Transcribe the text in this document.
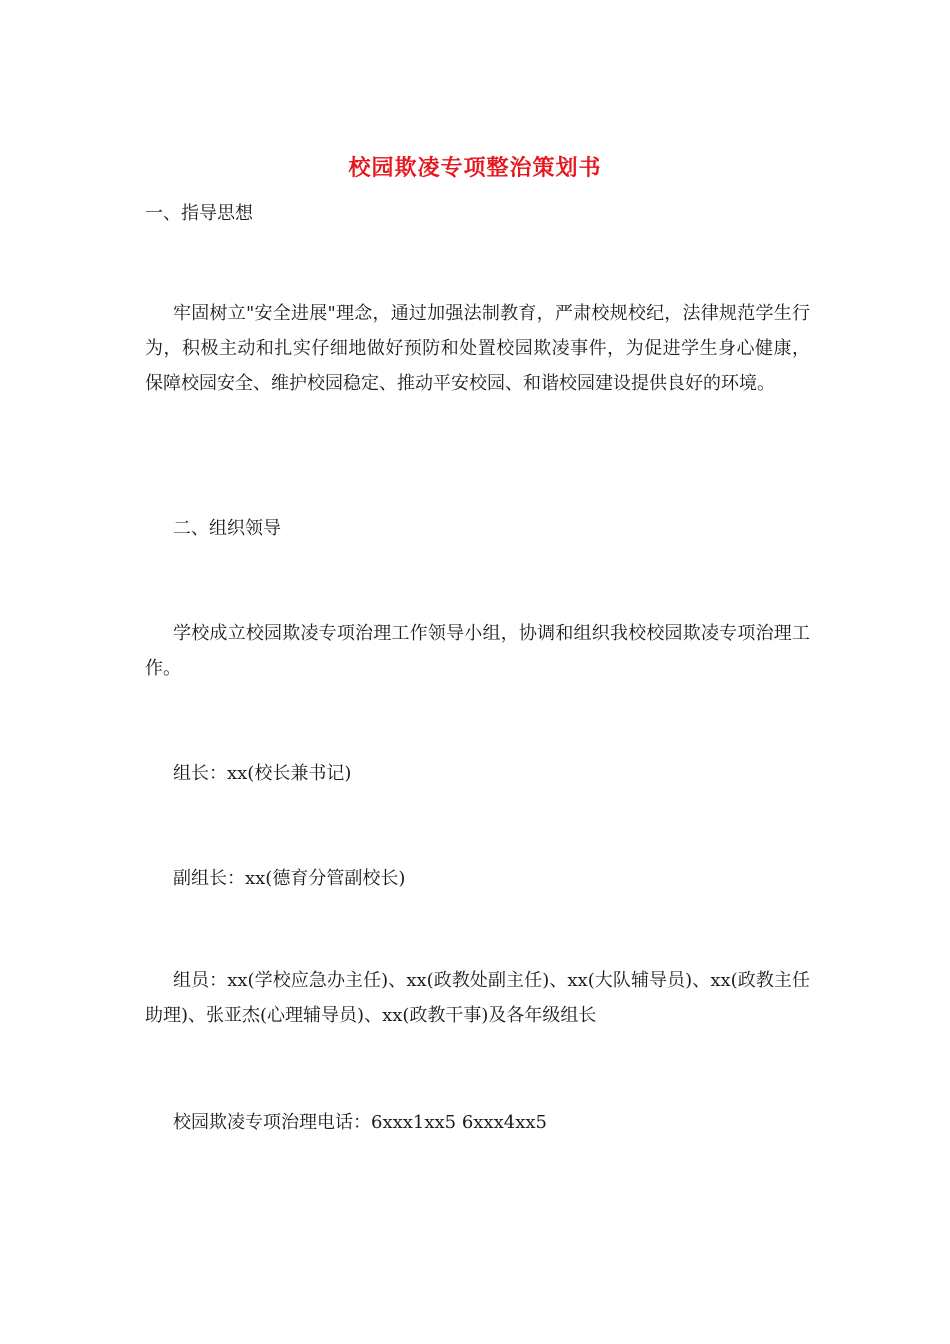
校园欺凌专项整治策划书
一、指导思想
牢固树立"安全进展"理念，通过加强法制教育，严肃校规校纪，法律规范学生行为，积极主动和扎实仔细地做好预防和处置校园欺凌事件，为促进学生身心健康，保障校园安全、维护校园稳定、推动平安校园、和谐校园建设提供良好的环境。
二、组织领导
学校成立校园欺凌专项治理工作领导小组，协调和组织我校校园欺凌专项治理工作。
组长：xx(校长兼书记)
副组长：xx(德育分管副校长)
组员：xx(学校应急办主任)、xx(政教处副主任)、xx(大队辅导员)、xx(政教主任助理)、张亚杰(心理辅导员)、xx(政教干事)及各年级组长
校园欺凌专项治理电话：6xxx1xx5 6xxx4xx5
